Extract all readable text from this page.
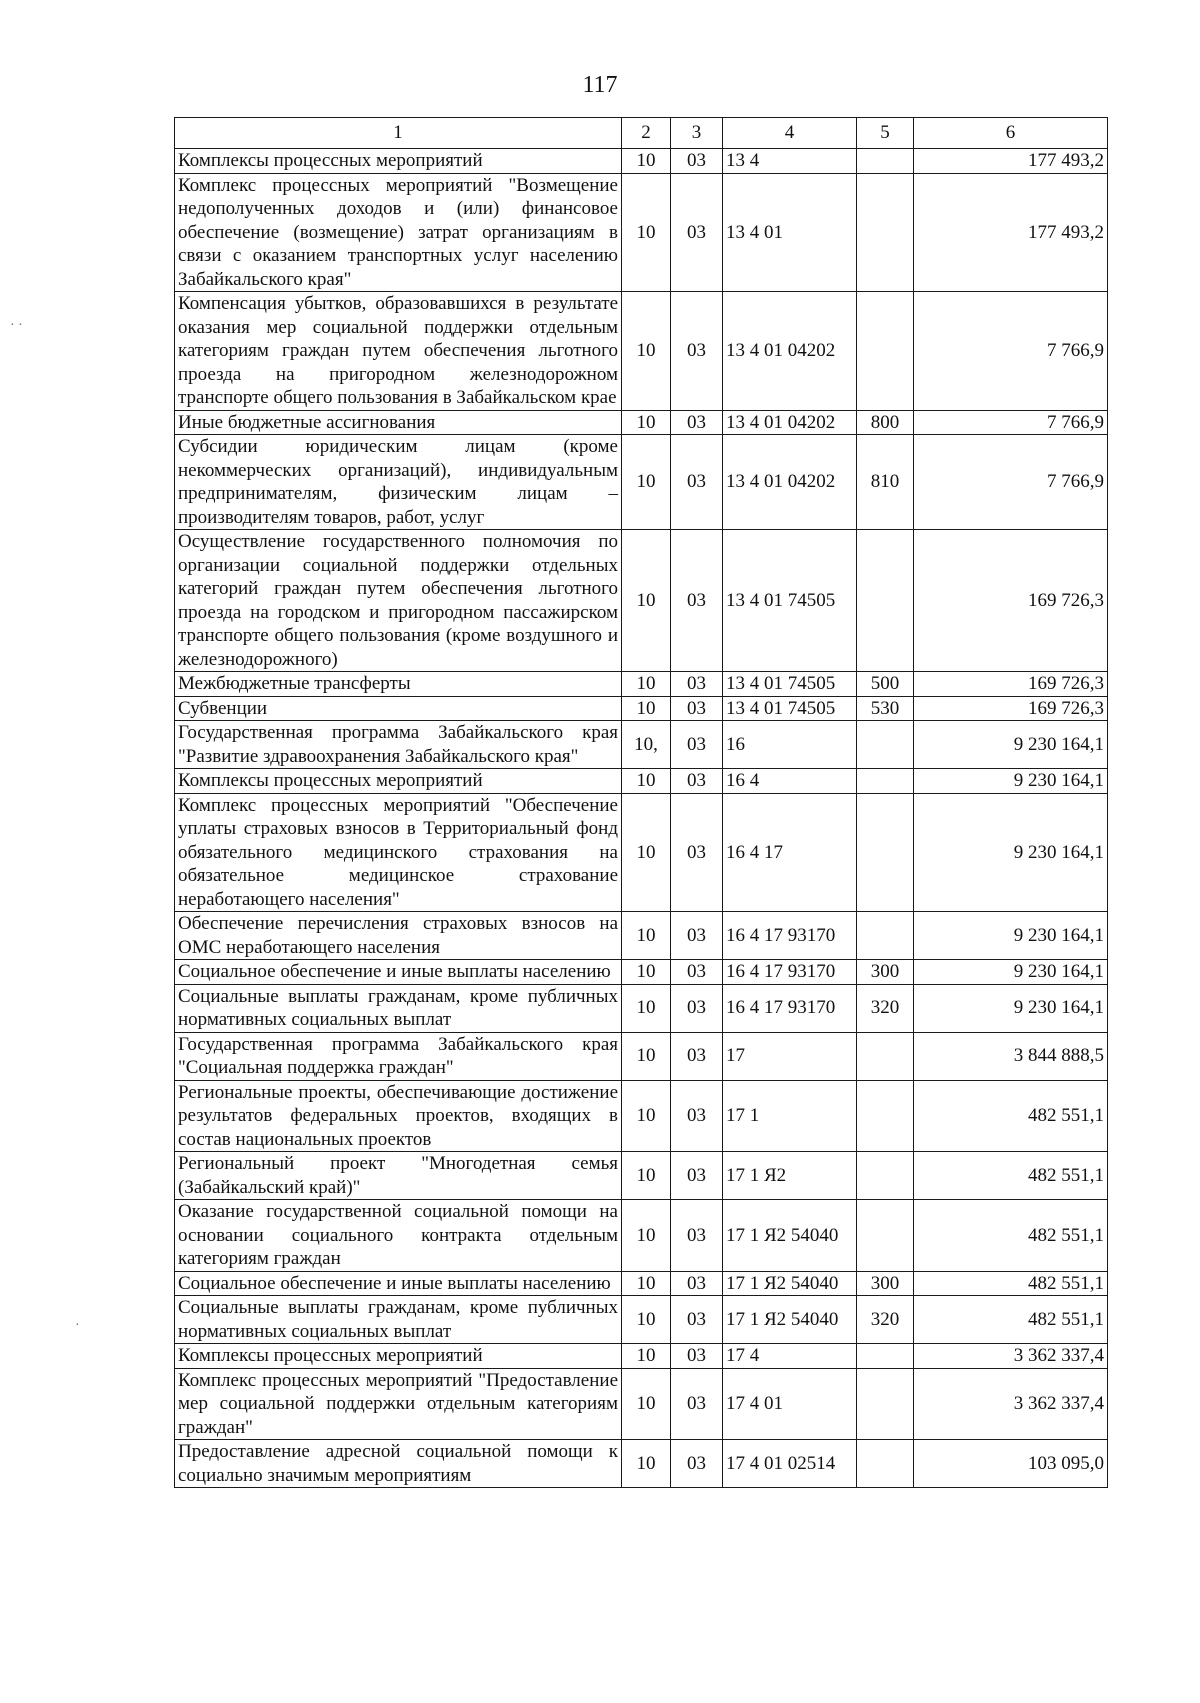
117
· ·
·
1	2	3	4	5	6
Комплексы процессных мероприятий	10	03	13 4		177 493,2
Комплекс процессных мероприятий "Возмещение недополученных доходов и (или) финансовое обеспечение (возмещение) затрат организациям в связи с оказанием транспортных услуг населению Забайкальского края"	10	03	13 4 01		177 493,2
Компенсация убытков, образовавшихся в результате оказания мер социальной поддержки отдельным категориям граждан путем обеспечения льготного проезда на пригородном железнодорожном транспорте общего пользования в Забайкальском крае	10	03	13 4 01 04202		7 766,9
Иные бюджетные ассигнования	10	03	13 4 01 04202	800	7 766,9
Субсидии юридическим лицам (кроме некоммерческих организаций), индивидуальным предпринимателям, физическим лицам – производителям товаров, работ, услуг	10	03	13 4 01 04202	810	7 766,9
Осуществление государственного полномочия по организации социальной поддержки отдельных категорий граждан путем обеспечения льготного проезда на городском и пригородном пассажирском транспорте общего пользования (кроме воздушного и железнодорожного)	10	03	13 4 01 74505		169 726,3
Межбюджетные трансферты	10	03	13 4 01 74505	500	169 726,3
Субвенции	10	03	13 4 01 74505	530	169 726,3
Государственная программа Забайкальского края "Развитие здравоохранения Забайкальского края"	10,	03	16		9 230 164,1
Комплексы процессных мероприятий	10	03	16 4		9 230 164,1
Комплекс процессных мероприятий "Обеспечение уплаты страховых взносов в Территориальный фонд обязательного медицинского страхования на обязательное медицинское страхование неработающего населения"	10	03	16 4 17		9 230 164,1
Обеспечение перечисления страховых взносов на ОМС неработающего населения	10	03	16 4 17 93170		9 230 164,1
Социальное обеспечение и иные выплаты населению	10	03	16 4 17 93170	300	9 230 164,1
Социальные выплаты гражданам, кроме публичных нормативных социальных выплат	10	03	16 4 17 93170	320	9 230 164,1
Государственная программа Забайкальского края "Социальная поддержка граждан"	10	03	17		3 844 888,5
Региональные проекты, обеспечивающие достижение результатов федеральных проектов, входящих в состав национальных проектов	10	03	17 1		482 551,1
Региональный проект "Многодетная семья (Забайкальский край)"	10	03	17 1 Я2		482 551,1
Оказание государственной социальной помощи на основании социального контракта отдельным категориям граждан	10	03	17 1 Я2 54040		482 551,1
Социальное обеспечение и иные выплаты населению	10	03	17 1 Я2 54040	300	482 551,1
Социальные выплаты гражданам, кроме публичных нормативных социальных выплат	10	03	17 1 Я2 54040	320	482 551,1
Комплексы процессных мероприятий	10	03	17 4		3 362 337,4
Комплекс процессных мероприятий "Предоставление мер социальной поддержки отдельным категориям граждан"	10	03	17 4 01		3 362 337,4
Предоставление адресной социальной помощи к социально значимым мероприятиям	10	03	17 4 01 02514		103 095,0
